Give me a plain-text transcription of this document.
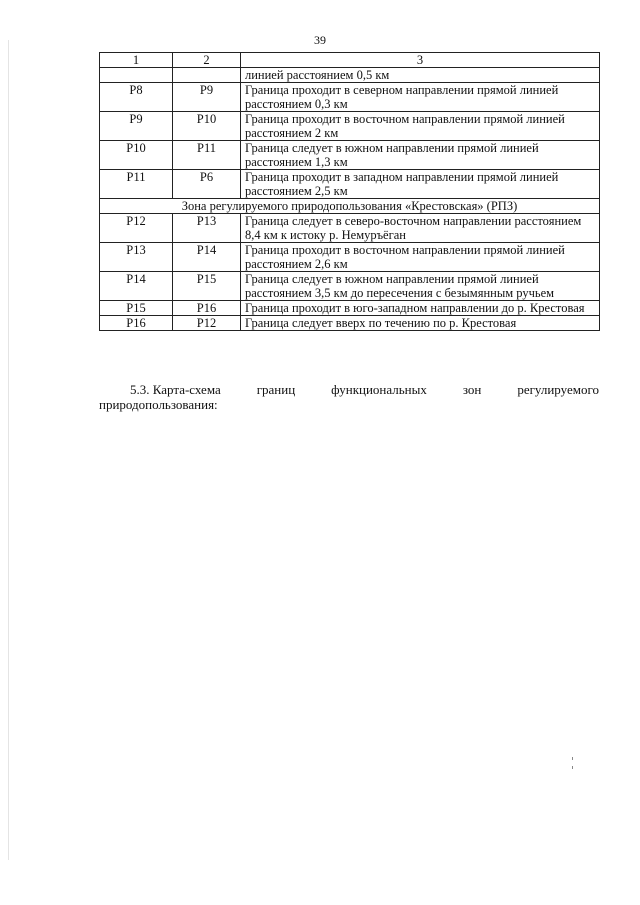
39
1	2	3
		линией расстоянием 0,5 км
Р8	Р9	Граница проходит в северном направлении прямой линией расстоянием 0,3 км
Р9	Р10	Граница проходит в восточном направлении прямой линией расстоянием 2 км
Р10	Р11	Граница следует в южном направлении прямой линией расстоянием 1,3 км
Р11	Р6	Граница проходит в западном направлении прямой линией расстоянием 2,5 км
Зона регулируемого природопользования «Крестовская» (РПЗ)		
Р12	Р13	Граница следует в северо-восточном направлении расстоянием 8,4 км к истоку р. Немуръёган
Р13	Р14	Граница проходит в восточном направлении прямой линией расстоянием 2,6 км
Р14	Р15	Граница следует в южном направлении прямой линией расстоянием 3,5 км до пересечения с безымянным ручьем
Р15	Р16	Граница проходит в юго-западном направлении до р. Крестовая
Р16	Р12	Граница следует вверх по течению по р. Крестовая
5.3. Карта-схема	границ	функциональных	зон	регулируемого
природопользования:
